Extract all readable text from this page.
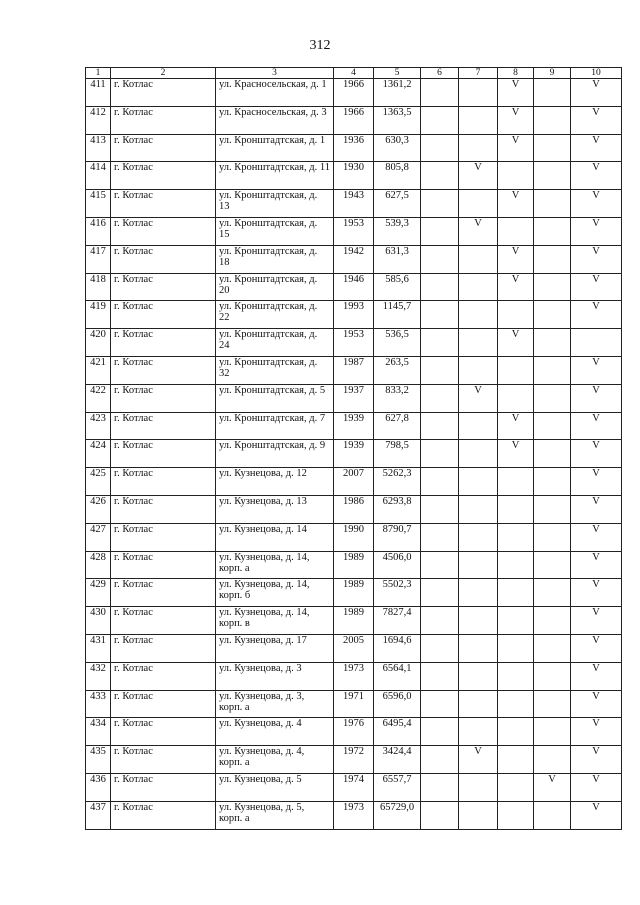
312
1	2	3	4	5	6	7	8	9	10
411	г. Котлас	ул. Красносельская, д. 1	1966	1361,2			V		V
412	г. Котлас	ул. Красносельская, д. 3	1966	1363,5			V		V
413	г. Котлас	ул. Кронштадтская, д. 1	1936	630,3			V		V
414	г. Котлас	ул. Кронштадтская, д. 11	1930	805,8		V			V
415	г. Котлас	ул. Кронштадтская, д. 13	1943	627,5			V		V
416	г. Котлас	ул. Кронштадтская, д. 15	1953	539,3		V			V
417	г. Котлас	ул. Кронштадтская, д. 18	1942	631,3			V		V
418	г. Котлас	ул. Кронштадтская, д. 20	1946	585,6			V		V
419	г. Котлас	ул. Кронштадтская, д. 22	1993	1145,7					V
420	г. Котлас	ул. Кронштадтская, д. 24	1953	536,5			V		
421	г. Котлас	ул. Кронштадтская, д. 32	1987	263,5					V
422	г. Котлас	ул. Кронштадтская, д. 5	1937	833,2		V			V
423	г. Котлас	ул. Кронштадтская, д. 7	1939	627,8			V		V
424	г. Котлас	ул. Кронштадтская, д. 9	1939	798,5			V		V
425	г. Котлас	ул. Кузнецова, д. 12	2007	5262,3					V
426	г. Котлас	ул. Кузнецова, д. 13	1986	6293,8					V
427	г. Котлас	ул. Кузнецова, д. 14	1990	8790,7					V
428	г. Котлас	ул. Кузнецова, д. 14, корп. а	1989	4506,0					V
429	г. Котлас	ул. Кузнецова, д. 14, корп. б	1989	5502,3					V
430	г. Котлас	ул. Кузнецова, д. 14, корп. в	1989	7827,4					V
431	г. Котлас	ул. Кузнецова, д. 17	2005	1694,6					V
432	г. Котлас	ул. Кузнецова, д. 3	1973	6564,1					V
433	г. Котлас	ул. Кузнецова, д. 3, корп. а	1971	6596,0					V
434	г. Котлас	ул. Кузнецова, д. 4	1976	6495,4					V
435	г. Котлас	ул. Кузнецова, д. 4, корп. а	1972	3424,4		V			V
436	г. Котлас	ул. Кузнецова, д. 5	1974	6557,7				V	V
437	г. Котлас	ул. Кузнецова, д. 5, корп. а	1973	65729,0					V
